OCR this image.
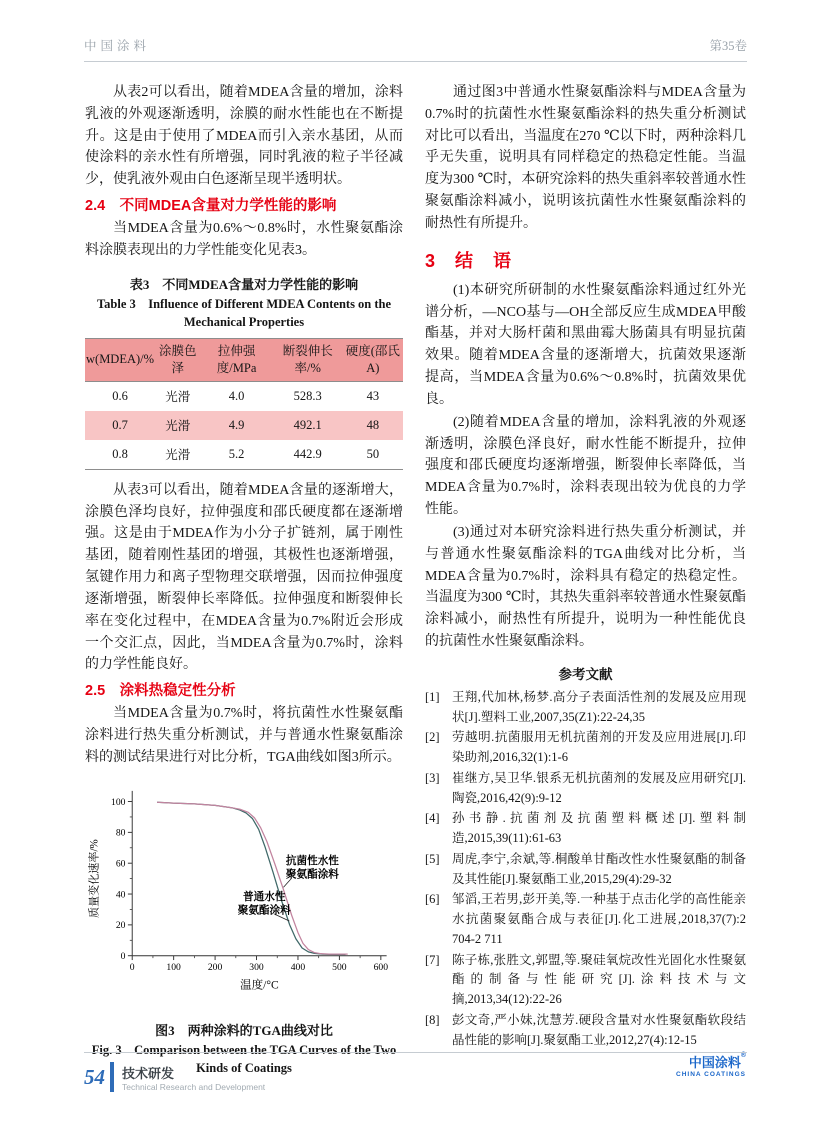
中国涂料	第35卷

从表2可以看出，随着MDEA含量的增加，涂料乳液的外观逐渐透明，涂膜的耐水性能也在不断提升。这是由于使用了MDEA而引入亲水基团，从而使涂料的亲水性有所增强，同时乳液的粒子半径减少，使乳液外观由白色逐渐呈现半透明状。

2.4　不同MDEA含量对力学性能的影响

当MDEA含量为0.6%～0.8%时，水性聚氨酯涂料涂膜表现出的力学性能变化见表3。

表3　不同MDEA含量对力学性能的影响
Table 3　Influence of Different MDEA Contents on the Mechanical Properties
w(MDEA)/%	涂膜色泽	拉伸强度/MPa	断裂伸长率/%	硬度(邵氏A)
0.6	光滑	4.0	528.3	43
0.7	光滑	4.9	492.1	48
0.8	光滑	5.2	442.9	50

从表3可以看出，随着MDEA含量的逐渐增大，涂膜色泽均良好，拉伸强度和邵氏硬度都在逐渐增强。这是由于MDEA作为小分子扩链剂，属于刚性基团，随着刚性基团的增强，其极性也逐渐增强，氢键作用力和离子型物理交联增强，因而拉伸强度逐渐增强，断裂伸长率降低。拉伸强度和断裂伸长率在变化过程中，在MDEA含量为0.7%附近会形成一个交汇点，因此，当MDEA含量为0.7%时，涂料的力学性能良好。

2.5　涂料热稳定性分析

当MDEA含量为0.7%时，将抗菌性水性聚氨酯涂料进行热失重分析测试，并与普通水性聚氨酯涂料的测试结果进行对比分析，TGA曲线如图3所示。

0	100	200	300	400	500	600
0
20
40
60
80
100
温度/°C
质量变化速率/%	抗菌性水性
聚氨酯涂料
普通水性
聚氨酯涂料
图3　两种涂料的TGA曲线对比
Fig. 3　Comparison between the TGA Curves of the Two Kinds of Coatings

通过图3中普通水性聚氨酯涂料与MDEA含量为0.7%时的抗菌性水性聚氨酯涂料的热失重分析测试对比可以看出，当温度在270 ℃以下时，两种涂料几乎无失重，说明具有同样稳定的热稳定性能。当温度为300 ℃时，本研究涂料的热失重斜率较普通水性聚氨酯涂料减小，说明该抗菌性水性聚氨酯涂料的耐热性有所提升。

3　结　语

(1)本研究所研制的水性聚氨酯涂料通过红外光谱分析，—NCO基与—OH全部反应生成MDEA甲酸酯基，并对大肠杆菌和黑曲霉大肠菌具有明显抗菌效果。随着MDEA含量的逐渐增大，抗菌效果逐渐提高，当MDEA含量为0.6%～0.8%时，抗菌效果优良。

(2)随着MDEA含量的增加，涂料乳液的外观逐渐透明，涂膜色泽良好，耐水性能不断提升，拉伸强度和邵氏硬度均逐渐增强，断裂伸长率降低，当MDEA含量为0.7%时，涂料表现出较为优良的力学性能。

(3)通过对本研究涂料进行热失重分析测试，并与普通水性聚氨酯涂料的TGA曲线对比分析，当MDEA含量为0.7%时，涂料具有稳定的热稳定性。当温度为300 ℃时，其热失重斜率较普通水性聚氨酯涂料减小，耐热性有所提升，说明为一种性能优良的抗菌性水性聚氨酯涂料。

参考文献
[1] 王翔,代加林,杨梦.高分子表面活性剂的发展及应用现状[J].塑料工业,2007,35(Z1):22-24,35
[2] 劳越明.抗菌服用无机抗菌剂的开发及应用进展[J].印染助剂,2016,32(1):1-6
[3] 崔继方,吴卫华.银系无机抗菌剂的发展及应用研究[J].陶瓷,2016,42(9):9-12
[4] 孙书静.抗菌剂及抗菌塑料概述[J].塑料制造,2015,39(11):61-63
[5] 周虎,李宁,余斌,等.桐酸单甘酯改性水性聚氨酯的制备及其性能[J].聚氨酯工业,2015,29(4):29-32
[6] 邹滔,王若男,彭开美,等.一种基于点击化学的高性能亲水抗菌聚氨酯合成与表征[J].化工进展,2018,37(7):2 704-2 711
[7] 陈子栋,张胜文,郭盟,等.聚硅氧烷改性光固化水性聚氨酯的制备与性能研究[J].涂料技术与文摘,2013,34(12):22-26
[8] 彭文奇,严小妹,沈慧芳.硬段含量对水性聚氨酯软段结晶性能的影响[J].聚氨酯工业,2012,27(4):12-15
中国涂料®
CHINA COATINGS
54 技术研发
Technical Research and Development
